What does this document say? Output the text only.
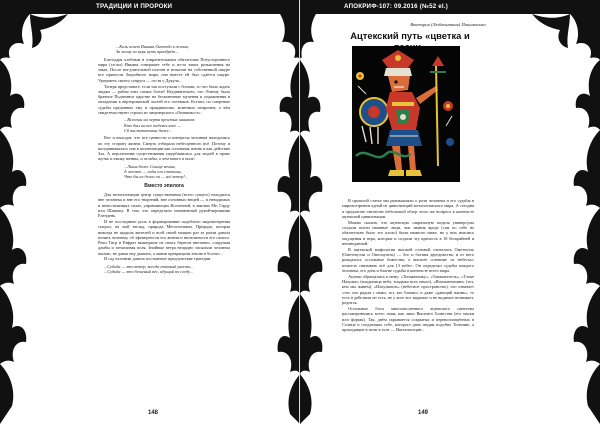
ТРАДИЦИИ И ПРОРОКИ
...Коль хочет Иньяна Онетейо в жизни,
За холму за нерь путь приобрёт...

Благодаря хлебным и отвратительным обитателям Потустороннего мира (га-лы) Иньяна совершает тебе и из-за таких разъяснения на заказ. После им-длительной погони и испытан на собственной шкуре все прилести Загробного мира, она вместе ей был сдаётся шкуре. Уразуметь своего супруга — гостя у Дукуля...

Теперь представьте, если так поступали с богами, то что было ждать людям — рабам этих самых богов! Неудивительно, что Этнему было брачное Подземное царстве на бесконечные мучения и упражнения в овладении к вертерианской частей его потемков. Кстати, по смертные судьбы преданных ему и правдивоших, конечных непричем, о чём свидетельствуют строки из лицемерского «Онипимост»:

...Вселены на черта простых шинаков:
Кто был на все падеясь кто —
Сб пасмотатимы даже...

Вот и выходит, что все ценности и интересы человека находились по эту сторону жизни. Смерть отбирала небесценного всё. Потому и воспринималась она в колонизации как сплошная жизнь и как действие Зла. А перспектива существования ущербывалась для людей в право жутко и ежику женны, и отлабы, о чем много в пиле:

...Лишь более Солнце вечны,
А человек — годы его считаны,
Что бы не делал он — всё ветер!..
Вместо эпилога

Для мезопотамции центр существования (всего сущего) находился вне человека и вне его творений, вне основных вещей — в невидимых и непостижимых силах, управляющих Вселенной, в законах Ме, Гарду или Шамашу. В том, что определяло неизменный рукой-верования Рлендень.

И не последнюю роль в формировании подобного мировоззрения сыграл, на мой взгляд, природа Месопотамии. Природа, которая никогда не щадила жителей и всей своей мощью раз за разом давала понять человеку об эфемерности его жизни и ничтожности его самого. Реки Тигр и Евфрат вышедшие из своих берегов внезапно, сокрушая дамбы и затапливая поля. Знойные ветра нещадно засыпали человека пылью, не давая ему дышать, а ливни превращали землю в болото...

И сад человеке давало постоянное предчувствие трагедии.

...Судьба — это ветер, всегда готовый унести...
...Судьба — это бешеный пёс, идущий по следу...
148
АПОКРИФ-107: 09.2016 (№52 el.)
Виктория (Любопытная) Пашинченко
Ацтекский путь «цветка и

В прошлой статье мы размышляли о роли человека и его судьбы в мировоззрении одной из цивилизаций мезопотамского мира. А сегодня я предлагаю читателю небольшой обзор этого же вопроса в контексте ацтекской цивилизации.

Можно сказать, что ацтекскую сакральную модель универсума создали почти наивные люди, чьи знания вроде (сам по себе не обязательно было это плохо) были намного ниже, но у них имелись ощущения и вера, которые и создали эту крепость в 18 бескрайней и неизведанной.

В ацтекской мифологии высшей основой считались Ометеотль (Ометекутли и Омесиуатль) — бог и богиня двуединства, и от него рождались остальные божества, а высшее сознание «в небесах» помогло связывать всё для 13 небес. Он определял судьбы каждого человека, его день и благие судьбы в контексте всего мира.

Ацтеки обращались к нему: «Тонакатлику», «Тонакатеотль», «Тлоке Нахуаке» (владычица неба, владыка всех начал), «Ипальнемоани» (тот, кем мы живем), «Ильуикатль» (небесное пространство), что означает «тот, кто рядом с нами, тот, кто близко» и даже «дающий жизнь», то есть в действии он есть, не у кого все видимое и не видимое возникает, родится.

Остальные боги многочисленного ацтекского пантеона рассматривались всего лишь как лики Высшего Божества (его маски или формы). Так, днём скрывается сокрытых и перевоплощённых в Солнце и следующих себе, которого дана людям подобно Тоналию, а приходящие в ночи в теле — Иштлокелцин...

149
